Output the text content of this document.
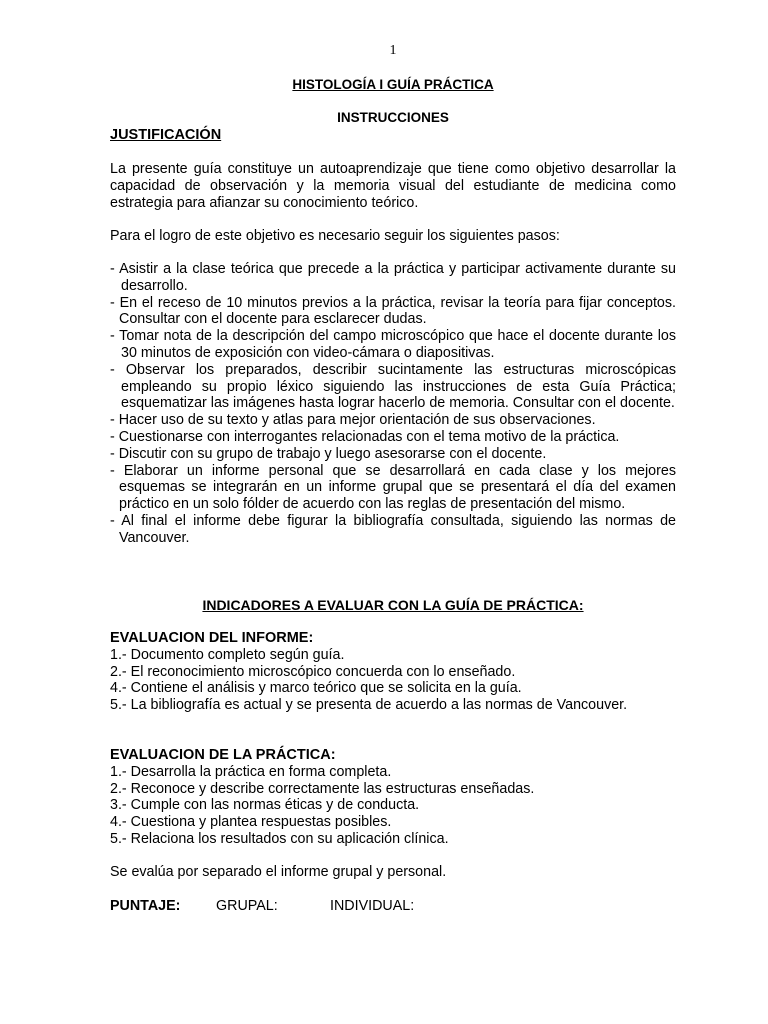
1
HISTOLOGÍA I GUÍA PRÁCTICA
INSTRUCCIONES
JUSTIFICACIÓN
La presente guía constituye un autoaprendizaje que tiene como objetivo desarrollar la capacidad de observación y la memoria visual del estudiante de medicina como estrategia para afianzar su conocimiento teórico.
Para el logro de este objetivo es necesario seguir los siguientes pasos:
- Asistir a la clase teórica que precede a la práctica y participar activamente durante su desarrollo.
- En el receso de 10 minutos previos a la práctica, revisar la teoría para fijar conceptos. Consultar con el docente para esclarecer dudas.
- Tomar nota de la descripción del campo microscópico que hace el docente durante los 30 minutos de exposición con video-cámara o diapositivas.
- Observar los preparados, describir sucintamente las estructuras microscópicas empleando su propio léxico siguiendo las instrucciones de esta Guía Práctica; esquematizar las imágenes hasta lograr hacerlo de memoria. Consultar con el docente.
- Hacer uso de su texto y atlas para mejor orientación de sus observaciones.
- Cuestionarse con interrogantes relacionadas con el tema motivo de la práctica.
- Discutir con su grupo de trabajo y luego asesorarse con el docente.
- Elaborar un informe personal que se desarrollará en cada clase y los mejores esquemas se integrarán en un informe grupal que se presentará el día del examen práctico en un solo fólder de acuerdo con las reglas de presentación del mismo.
- Al final el informe debe figurar la bibliografía consultada, siguiendo las normas de Vancouver.
INDICADORES A EVALUAR CON LA GUÍA DE PRÁCTICA:
EVALUACION DEL INFORME:
1.- Documento completo según guía.
2.- El reconocimiento microscópico concuerda con lo enseñado.
4.- Contiene el análisis y marco teórico que se solicita en la guía.
5.- La bibliografía es actual y se presenta de acuerdo a las normas de Vancouver.
EVALUACION DE LA PRÁCTICA:
1.- Desarrolla la práctica en forma completa.
2.- Reconoce y describe correctamente las estructuras enseñadas.
3.- Cumple con las normas éticas y de conducta.
4.- Cuestiona y plantea respuestas posibles.
5.- Relaciona los resultados con su aplicación clínica.
Se evalúa por separado el informe grupal y personal.
PUNTAJE: GRUPAL:	INDIVIDUAL:
